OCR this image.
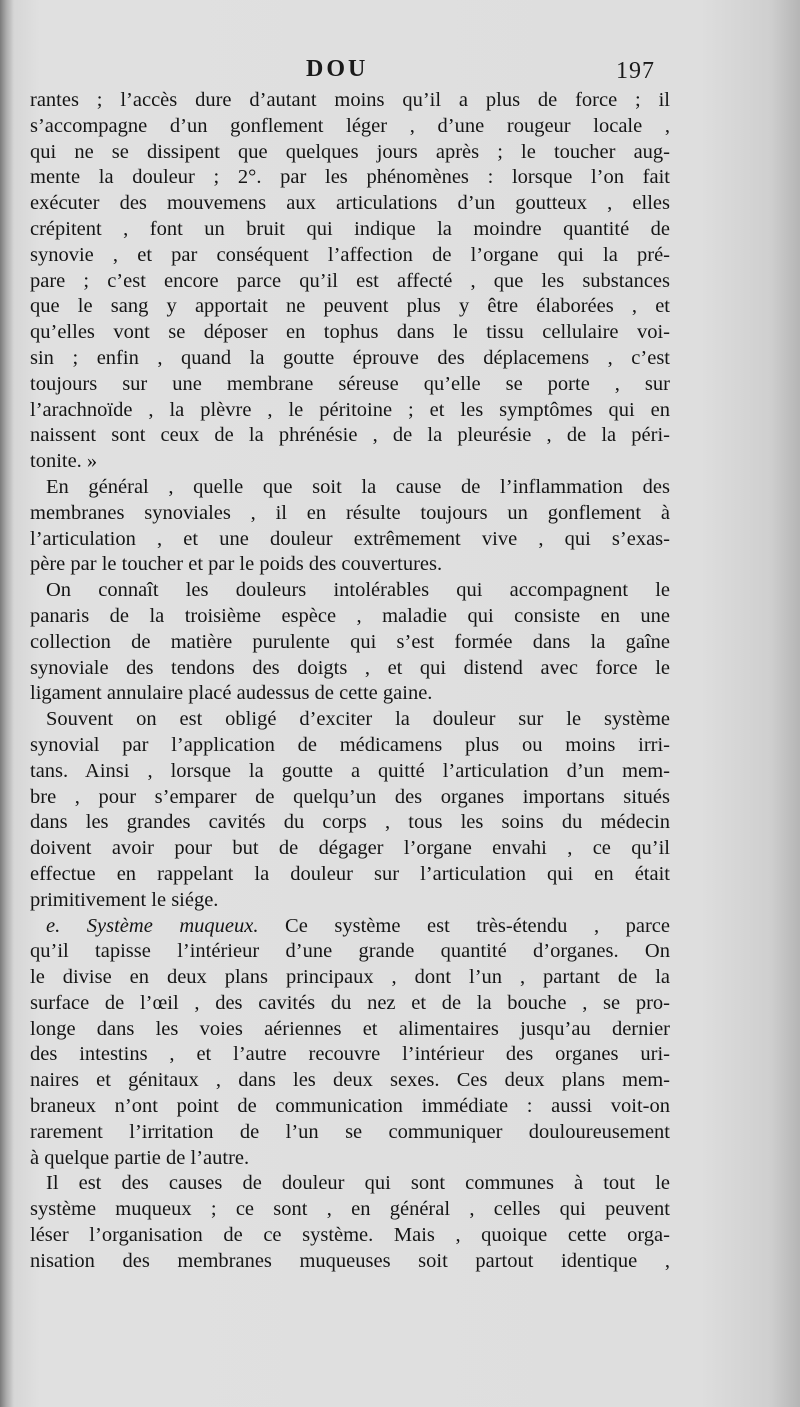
DOU	197
rantes ; l’accès dure d’autant moins qu’il a plus de force ; il
s’accompagne d’un gonflement léger , d’une rougeur locale ,
qui ne se dissipent que quelques jours après ; le toucher aug-
mente la douleur ; 2°. par les phénomènes : lorsque l’on fait
exécuter des mouvemens aux articulations d’un goutteux , elles
crépitent , font un bruit qui indique la moindre quantité de
synovie , et par conséquent l’affection de l’organe qui la pré-
pare ; c’est encore parce qu’il est affecté , que les substances
que le sang y apportait ne peuvent plus y être élaborées , et
qu’elles vont se déposer en tophus dans le tissu cellulaire voi-
sin ; enfin , quand la goutte éprouve des déplacemens , c’est
toujours sur une membrane séreuse qu’elle se porte , sur
l’arachnoïde , la plèvre , le péritoine ; et les symptômes qui en
naissent sont ceux de la phrénésie , de la pleurésie , de la péri-
tonite. »
En général , quelle que soit la cause de l’inflammation des
membranes synoviales , il en résulte toujours un gonflement à
l’articulation , et une douleur extrêmement vive , qui s’exas-
père par le toucher et par le poids des couvertures.
On connaît les douleurs intolérables qui accompagnent le
panaris de la troisième espèce , maladie qui consiste en une
collection de matière purulente qui s’est formée dans la gaîne
synoviale des tendons des doigts , et qui distend avec force le
ligament annulaire placé audessus de cette gaine.
Souvent on est obligé d’exciter la douleur sur le système
synovial par l’application de médicamens plus ou moins irri-
tans. Ainsi , lorsque la goutte a quitté l’articulation d’un mem-
bre , pour s’emparer de quelqu’un des organes importans situés
dans les grandes cavités du corps , tous les soins du médecin
doivent avoir pour but de dégager l’organe envahi , ce qu’il
effectue en rappelant la douleur sur l’articulation qui en était
primitivement le siége.
e. Système muqueux. Ce système est très-étendu , parce
qu’il tapisse l’intérieur d’une grande quantité d’organes. On
le divise en deux plans principaux , dont l’un , partant de la
surface de l’œil , des cavités du nez et de la bouche , se pro-
longe dans les voies aériennes et alimentaires jusqu’au dernier
des intestins , et l’autre recouvre l’intérieur des organes uri-
naires et génitaux , dans les deux sexes. Ces deux plans mem-
braneux n’ont point de communication immédiate : aussi voit-on
rarement l’irritation de l’un se communiquer douloureusement
à quelque partie de l’autre.
Il est des causes de douleur qui sont communes à tout le
système muqueux ; ce sont , en général , celles qui peuvent
léser l’organisation de ce système. Mais , quoique cette orga-
nisation des membranes muqueuses soit partout identique ,
